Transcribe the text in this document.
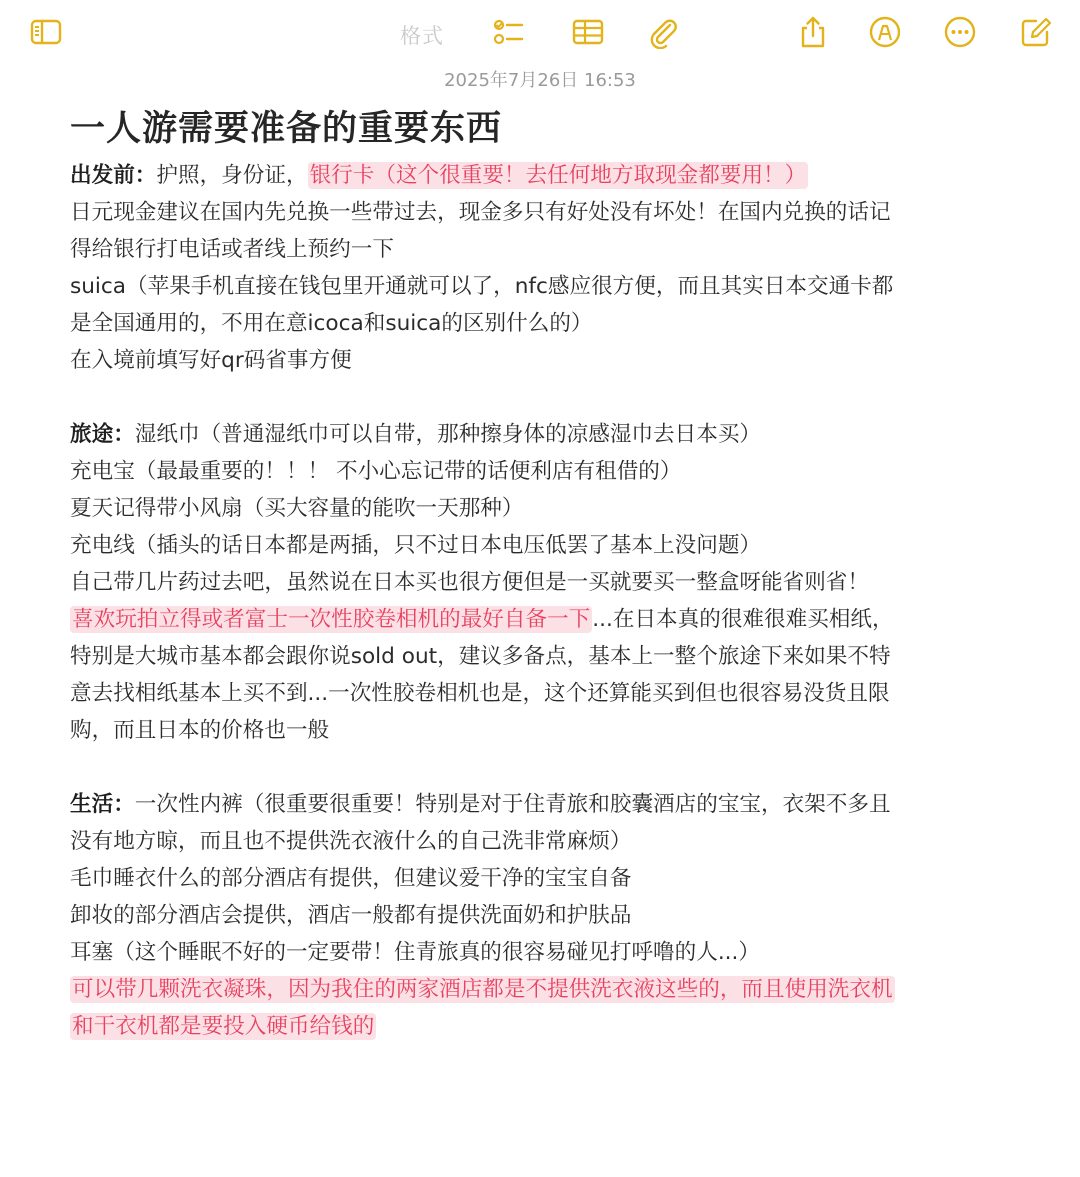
格式
2025年7月26日 16:53
一人游需要准备的重要东西
出发前：护照，身份证，银行卡（这个很重要！去任何地方取现金都要用！）
日元现金建议在国内先兑换一些带过去，现金多只有好处没有坏处！在国内兑换的话记
得给银行打电话或者线上预约一下
suica（苹果手机直接在钱包里开通就可以了，nfc感应很方便，而且其实日本交通卡都
是全国通用的，不用在意icoca和suica的区别什么的）
在入境前填写好qr码省事方便
旅途：湿纸巾（普通湿纸巾可以自带，那种擦身体的凉感湿巾去日本买）
充电宝（最最重要的！！！ 不小心忘记带的话便利店有租借的）
夏天记得带小风扇（买大容量的能吹一天那种）
充电线（插头的话日本都是两插，只不过日本电压低罢了基本上没问题）
自己带几片药过去吧，虽然说在日本买也很方便但是一买就要买一整盒呀能省则省！
喜欢玩拍立得或者富士一次性胶卷相机的最好自备一下...在日本真的很难很难买相纸，
特别是大城市基本都会跟你说sold out，建议多备点，基本上一整个旅途下来如果不特
意去找相纸基本上买不到...一次性胶卷相机也是，这个还算能买到但也很容易没货且限
购，而且日本的价格也一般
生活：一次性内裤（很重要很重要！特别是对于住青旅和胶囊酒店的宝宝，衣架不多且
没有地方晾，而且也不提供洗衣液什么的自己洗非常麻烦）
毛巾睡衣什么的部分酒店有提供，但建议爱干净的宝宝自备
卸妆的部分酒店会提供，酒店一般都有提供洗面奶和护肤品
耳塞（这个睡眠不好的一定要带！住青旅真的很容易碰见打呼噜的人...）
可以带几颗洗衣凝珠，因为我住的两家酒店都是不提供洗衣液这些的，而且使用洗衣机
和干衣机都是要投入硬币给钱的
